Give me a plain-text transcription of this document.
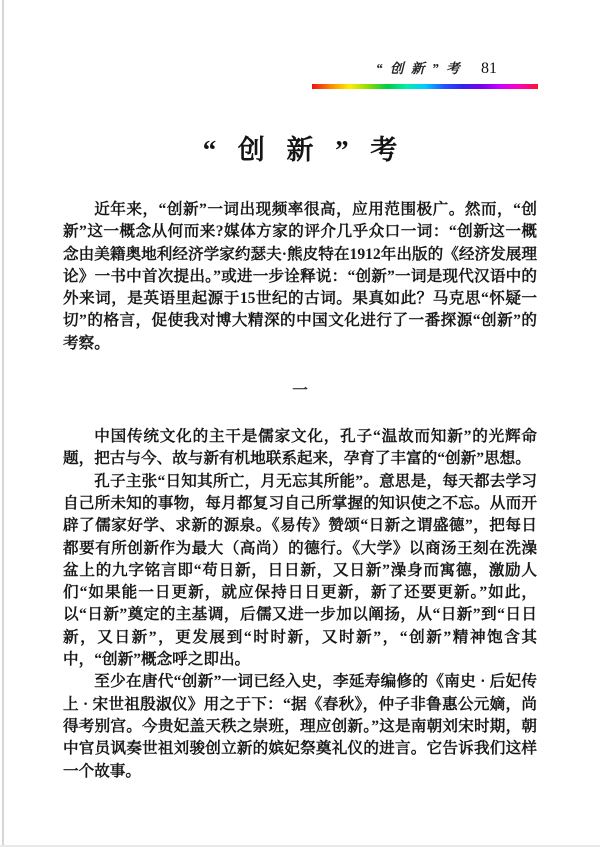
“创新”考 81
“创新”考

近年来，“创新”一词出现频率很高，应用范围极广。然而，“创新”这一概念从何而来?媒体方家的评介几乎众口一词：“创新这一概念由美籍奥地利经济学家约瑟夫·熊皮特在1912年出版的《经济发展理论》一书中首次提出。”或进一步诠释说：“创新”一词是现代汉语中的外来词，是英语里起源于15世纪的古词。果真如此？马克思“怀疑一切”的格言，促使我对博大精深的中国文化进行了一番探源“创新”的考察。

一

中国传统文化的主干是儒家文化，孔子“温故而知新”的光辉命题，把古与今、故与新有机地联系起来，孕育了丰富的“创新”思想。

孔子主张“日知其所亡，月无忘其所能”。意思是，每天都去学习自己所未知的事物，每月都复习自己所掌握的知识使之不忘。从而开辟了儒家好学、求新的源泉。《易传》赞颂“日新之谓盛德”，把每日都要有所创新作为最大（高尚）的德行。《大学》以商汤王刻在洗澡盆上的九字铭言即“苟日新，日日新，又日新”澡身而寓德，激励人们“如果能一日更新，就应保持日日更新，新了还要更新。”如此，以“日新”奠定的主基调，后儒又进一步加以阐扬，从“日新”到“日日新，又日新”，更发展到“时时新，又时新”，“创新”精神饱含其中，“创新”概念呼之即出。

至少在唐代“创新”一词已经入史，李延寿编修的《南史 · 后妃传上 · 宋世祖殷淑仪》用之于下：“据《春秋》，仲子非鲁惠公元嫡，尚得考别宫。今贵妃盖天秩之崇班，理应创新。”这是南朝刘宋时期，朝中官员讽奏世祖刘骏创立新的嫔妃祭奠礼仪的进言。它告诉我们这样一个故事。
